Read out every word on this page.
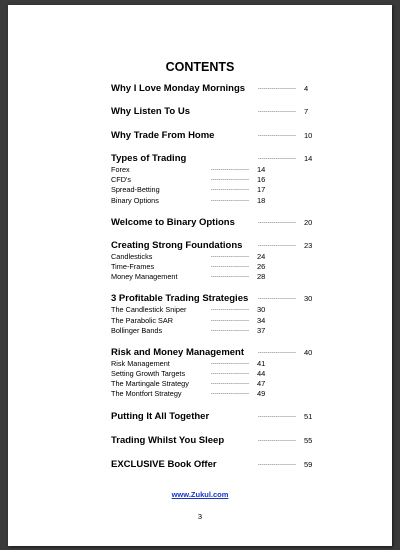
CONTENTS
Why I Love Monday Mornings ................... 4
Why Listen To Us	................... 7
Why Trade From Home	................... 10
Types of Trading	................... 14
Forex	................... 14
CFD's	................... 16
Spread-Betting	................... 17
Binary Options	................... 18
Welcome to Binary Options	................... 20
Creating Strong Foundations ................... 23
Candlesticks	................... 24
Time-Frames	................... 26
Money Management	................... 28
3 Profitable Trading Strategies ................... 30
The Candlestick Sniper	................... 30
The Parabolic SAR	................... 34
Bollinger Bands	................... 37
Risk and Money Management ................... 40
Risk Management	................... 41
Setting Growth Targets	................... 44
The Martingale Strategy	................... 47
The Montfort Strategy	................... 49
Putting It All Together	................... 51
Trading Whilst You Sleep	................... 55
EXCLUSIVE Book Offer	................... 59
www.Zukul.com
3
